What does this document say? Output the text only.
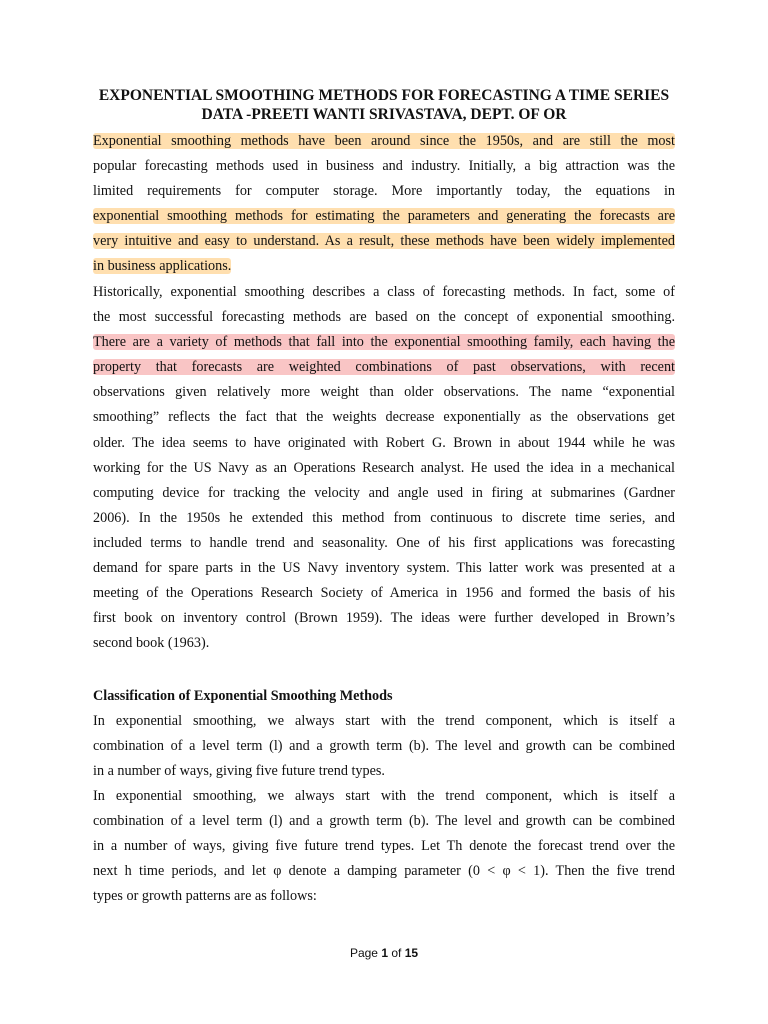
EXPONENTIAL SMOOTHING METHODS FOR FORECASTING A TIME SERIES
DATA -PREETI WANTI SRIVASTAVA, DEPT. OF OR
Exponential smoothing methods have been around since the 1950s, and are still the most
popular forecasting methods used in business and industry. Initially, a big attraction was the
limited requirements for computer storage. More importantly today, the equations in
exponential smoothing methods for estimating the parameters and generating the forecasts are
very intuitive and easy to understand. As a result, these methods have been widely implemented
in business applications.
Historically, exponential smoothing describes a class of forecasting methods. In fact, some of
the most successful forecasting methods are based on the concept of exponential smoothing.
There are a variety of methods that fall into the exponential smoothing family, each having the
property that forecasts are weighted combinations of past observations, with recent
observations given relatively more weight than older observations. The name “exponential
smoothing” reflects the fact that the weights decrease exponentially as the observations get
older. The idea seems to have originated with Robert G. Brown in about 1944 while he was
working for the US Navy as an Operations Research analyst. He used the idea in a mechanical
computing device for tracking the velocity and angle used in firing at submarines (Gardner
2006). In the 1950s he extended this method from continuous to discrete time series, and
included terms to handle trend and seasonality. One of his first applications was forecasting
demand for spare parts in the US Navy inventory system. This latter work was presented at a
meeting of the Operations Research Society of America in 1956 and formed the basis of his
first book on inventory control (Brown 1959). The ideas were further developed in Brown’s
second book (1963).
Classification of Exponential Smoothing Methods
In exponential smoothing, we always start with the trend component, which is itself a
combination of a level term (l) and a growth term (b). The level and growth can be combined
in a number of ways, giving five future trend types.
In exponential smoothing, we always start with the trend component, which is itself a
combination of a level term (l) and a growth term (b). The level and growth can be combined
in a number of ways, giving five future trend types. Let Th denote the forecast trend over the
next h time periods, and let φ denote a damping parameter (0 < φ < 1). Then the five trend
types or growth patterns are as follows:
Page 1 of 15
